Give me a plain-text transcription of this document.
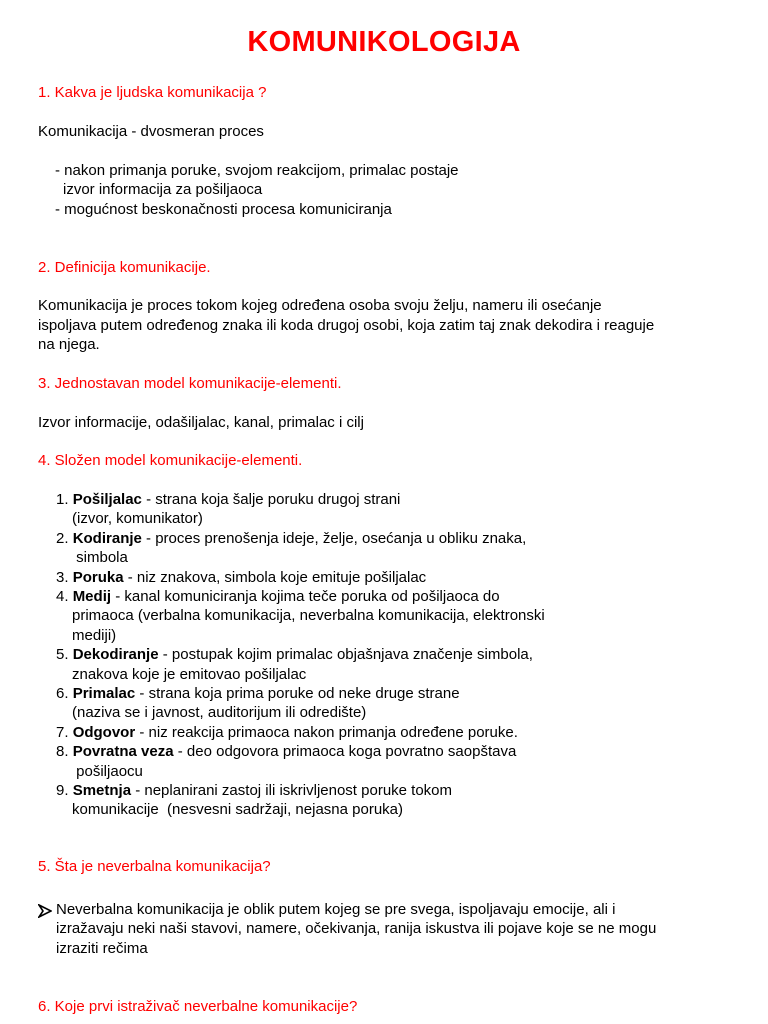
KOMUNIKOLOGIJA
1. Kakva je ljudska komunikacija ?
Komunikacija - dvosmeran proces
- nakon primanja poruke, svojom reakcijom, primalac postaje
izvor informacija za pošiljaoca
- mogućnost beskonačnosti procesa komuniciranja
2. Definicija komunikacije.
Komunikacija je proces tokom kojeg određena osoba svoju želju, nameru ili osećanje
ispoljava putem određenog znaka ili koda drugoj osobi, koja zatim taj znak dekodira i reaguje
na njega.
3. Jednostavan model komunikacije-elementi.
Izvor informacije, odašiljalac, kanal, primalac i cilj
4. Složen model komunikacije-elementi.
1. Pošiljalac - strana koja šalje poruku drugoj strani
(izvor, komunikator)
2. Kodiranje - proces prenošenja ideje, želje, osećanja u obliku znaka,
simbola
3. Poruka - niz znakova, simbola koje emituje pošiljalac
4. Medij - kanal komuniciranja kojima teče poruka od pošiljaoca do
primaoca (verbalna komunikacija, neverbalna komunikacija, elektronski
mediji)
5. Dekodiranje - postupak kojim primalac objašnjava značenje simbola,
znakova koje je emitovao pošiljalac
6. Primalac - strana koja prima poruke od neke druge strane
(naziva se i javnost, auditorijum ili odredište)
7. Odgovor - niz reakcija primaoca nakon primanja određene poruke.
8. Povratna veza - deo odgovora primaoca koga povratno saopštava
pošiljaocu
9. Smetnja - neplanirani zastoj ili iskrivljenost poruke tokom
komunikacije  (nesvesni sadržaji, nejasna poruka)
5. Šta je neverbalna komunikacija?
Neverbalna komunikacija je oblik putem kojeg se pre svega, ispoljavaju emocije, ali i
izražavaju neki naši stavovi, namere, očekivanja, ranija iskustva ili pojave koje se ne mogu
izraziti rečima
6. Koje prvi istraživač neverbalne komunikacije?
